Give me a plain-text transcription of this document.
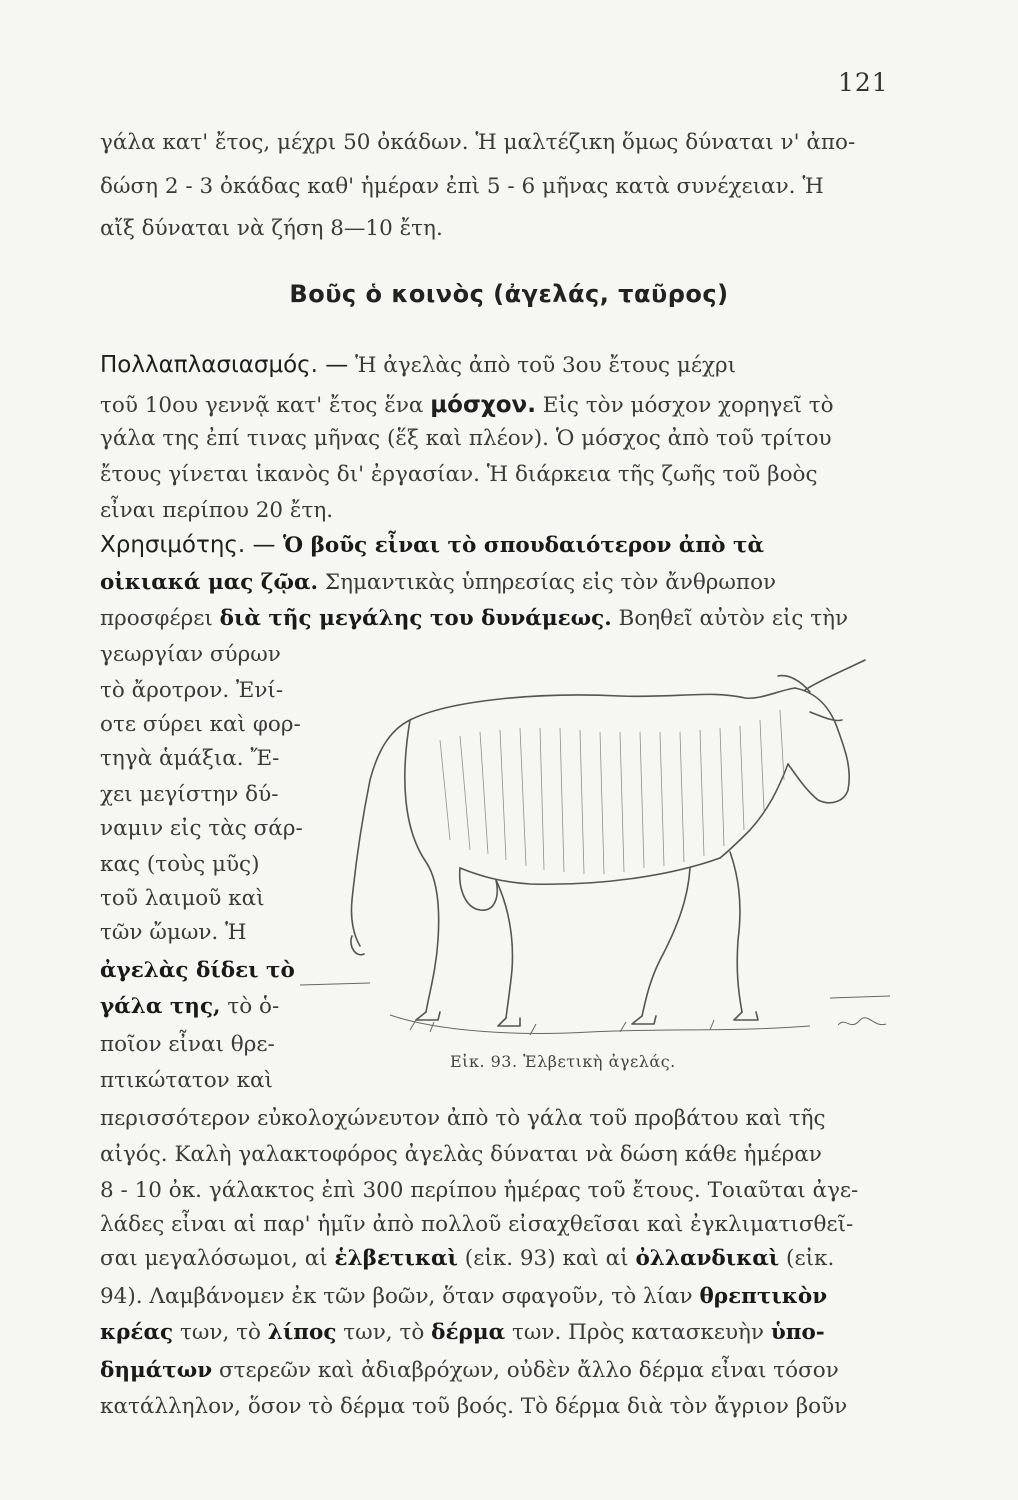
121
γάλα κατ' ἔτος, μέχρι 50 ὀκάδων. Ἡ μαλτέζικη ὅμως δύναται ν' ἀπο-
δώση 2 - 3 ὀκάδας καθ' ἡμέραν ἐπὶ 5 - 6 μῆνας κατὰ συνέχειαν. Ἡ
αἴξ δύναται νὰ ζήση 8—10 ἔτη.
Βοῦς ὁ κοινὸς (ἀγελάς, ταῦρος)
Πολλαπλασιασμός. — Ἡ ἀγελὰς ἀπὸ τοῦ 3ου ἔτους μέχρι
τοῦ 10ου γεννᾷ κατ' ἔτος ἕνα μόσχον. Εἰς τὸν μόσχον χορηγεῖ τὸ
γάλα της ἐπί τινας μῆνας (ἕξ καὶ πλέον). Ὁ μόσχος ἀπὸ τοῦ τρίτου
ἔτους γίνεται ἱκανὸς δι' ἐργασίαν. Ἡ διάρκεια τῆς ζωῆς τοῦ βοὸς
εἶναι περίπου 20 ἔτη.
Χρησιμότης. — Ὁ βοῦς εἶναι τὸ σπουδαιότερον ἀπὸ τὰ
οἰκιακά μας ζῷα. Σημαντικὰς ὑπηρεσίας εἰς τὸν ἄνθρωπον
προσφέρει διὰ τῆς μεγάλης του δυνάμεως. Βοηθεῖ αὐτὸν εἰς τὴν
γεωργίαν σύρων
τὸ ἄροτρον. Ἐνί-
οτε σύρει καὶ φορ-
τηγὰ ἁμάξια. Ἔ-
χει μεγίστην δύ-
ναμιν εἰς τὰς σάρ-
κας (τοὺς μῦς)
τοῦ λαιμοῦ καὶ
τῶν ὤμων. Ἡ
ἀγελὰς δίδει τὸ
γάλα της, τὸ ὁ-
ποῖον εἶναι θρε-
πτικώτατον καὶ
Εἰκ. 93. Ἑλβετικὴ ἀγελάς.
περισσότερον εὐκολοχώνευτον ἀπὸ τὸ γάλα τοῦ προβάτου καὶ τῆς
αἰγός. Καλὴ γαλακτοφόρος ἀγελὰς δύναται νὰ δώση κάθε ἡμέραν
8 - 10 ὀκ. γάλακτος ἐπὶ 300 περίπου ἡμέρας τοῦ ἔτους. Τοιαῦται ἀγε-
λάδες εἶναι αἱ παρ' ἡμῖν ἀπὸ πολλοῦ εἰσαχθεῖσαι καὶ ἐγκλιματισθεῖ-
σαι μεγαλόσωμοι, αἱ ἑλβετικαὶ (εἰκ. 93) καὶ αἱ ὀλλανδικαὶ (εἰκ.
94). Λαμβάνομεν ἐκ τῶν βοῶν, ὅταν σφαγοῦν, τὸ λίαν θρεπτικὸν
κρέας των, τὸ λίπος των, τὸ δέρμα των. Πρὸς κατασκευὴν ὑπο-
δημάτων στερεῶν καὶ ἀδιαβρόχων, οὐδὲν ἄλλο δέρμα εἶναι τόσον
κατάλληλον, ὅσον τὸ δέρμα τοῦ βοός. Τὸ δέρμα διὰ τὸν ἄγριον βοῦν
